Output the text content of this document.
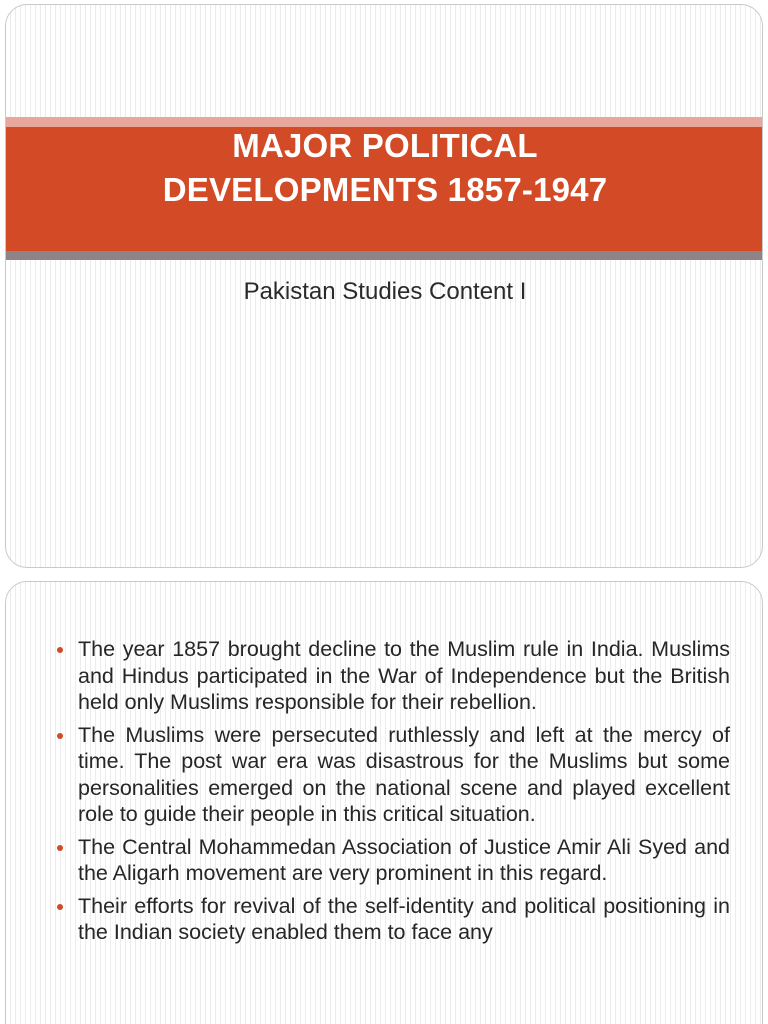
MAJOR POLITICAL
DEVELOPMENTS 1857-1947
Pakistan Studies Content I
The year 1857 brought decline to the Muslim rule in India. Muslims and Hindus participated in the War of Independence but the British held only Muslims responsible for their rebellion.
The Muslims were persecuted ruthlessly and left at the mercy of time. The post war era was disastrous for the Muslims but some personalities emerged on the national scene and played excellent role to guide their people in this critical situation.
The Central Mohammedan Association of Justice Amir Ali Syed and the Aligarh movement are very prominent in this regard.
Their efforts for revival of the self-identity and political positioning in the Indian society enabled them to face any
